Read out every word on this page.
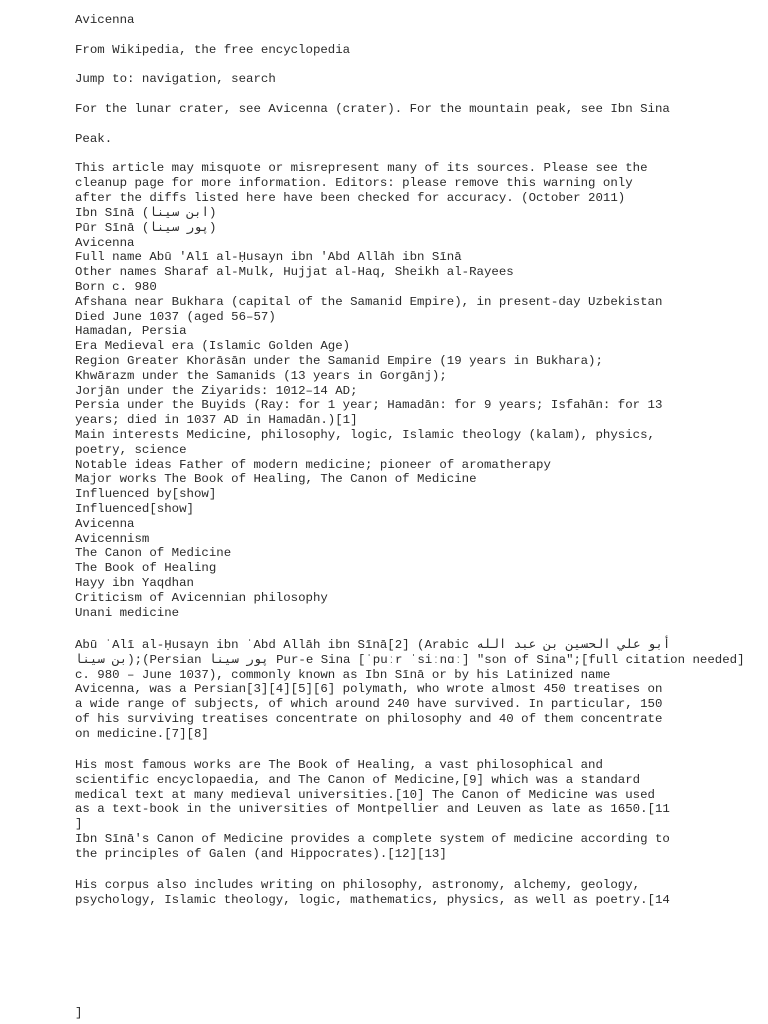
Avicenna
From Wikipedia, the free encyclopedia
Jump to: navigation, search
For the lunar crater, see Avicenna (crater). For the mountain peak, see Ibn Sina
Peak.
This article may misquote or misrepresent many of its sources. Please see the
cleanup page for more information. Editors: please remove this warning only
after the diffs listed here have been checked for accuracy. (October 2011)
Ibn Sīnā (ابن سینا)
Pūr Sīnā (پور سینا)
Avicenna
Full name Abū 'Alī al-Ḥusayn ibn 'Abd Allāh ibn Sīnā
Other names Sharaf al-Mulk, Hujjat al-Haq, Sheikh al-Rayees
Born c. 980
Afshana near Bukhara (capital of the Samanid Empire), in present-day Uzbekistan
Died June 1037 (aged 56–57)
Hamadan, Persia
Era Medieval era (Islamic Golden Age)
Region Greater Khorāsān under the Samanid Empire (19 years in Bukhara);
Khwārazm under the Samanids (13 years in Gorgānj);
Jorjān under the Ziyarids: 1012–14 AD;
Persia under the Buyids (Ray: for 1 year; Hamadān: for 9 years; Isfahān: for 13
years; died in 1037 AD in Hamadān.)[1]
Main interests Medicine, philosophy, logic, Islamic theology (kalam), physics,
poetry, science
Notable ideas Father of modern medicine; pioneer of aromatherapy
Major works The Book of Healing, The Canon of Medicine
Influenced by[show]
Influenced[show]
Avicenna
Avicennism
The Canon of Medicine
The Book of Healing
Hayy ibn Yaqdhan
Criticism of Avicennian philosophy
Unani medicine
Abū ʿAlī al-Ḥusayn ibn ʿAbd Allāh ibn Sīnā[2] (Arabic أبو علي الحسين بن عبد الله
بن سينا);(Persian پور سینا Pur-e Sina [ˈpuːr ˈsiːnɑː] "son of Sina";[full citation needed]
c. 980 – June 1037), commonly known as Ibn Sīnā or by his Latinized name
Avicenna, was a Persian[3][4][5][6] polymath, who wrote almost 450 treatises on
a wide range of subjects, of which around 240 have survived. In particular, 150
of his surviving treatises concentrate on philosophy and 40 of them concentrate
on medicine.[7][8]
His most famous works are The Book of Healing, a vast philosophical and
scientific encyclopaedia, and The Canon of Medicine,[9] which was a standard
medical text at many medieval universities.[10] The Canon of Medicine was used
as a text-book in the universities of Montpellier and Leuven as late as 1650.[11
]
Ibn Sīnā's Canon of Medicine provides a complete system of medicine according to
the principles of Galen (and Hippocrates).[12][13]
His corpus also includes writing on philosophy, astronomy, alchemy, geology,
psychology, Islamic theology, logic, mathematics, physics, as well as poetry.[14
]
